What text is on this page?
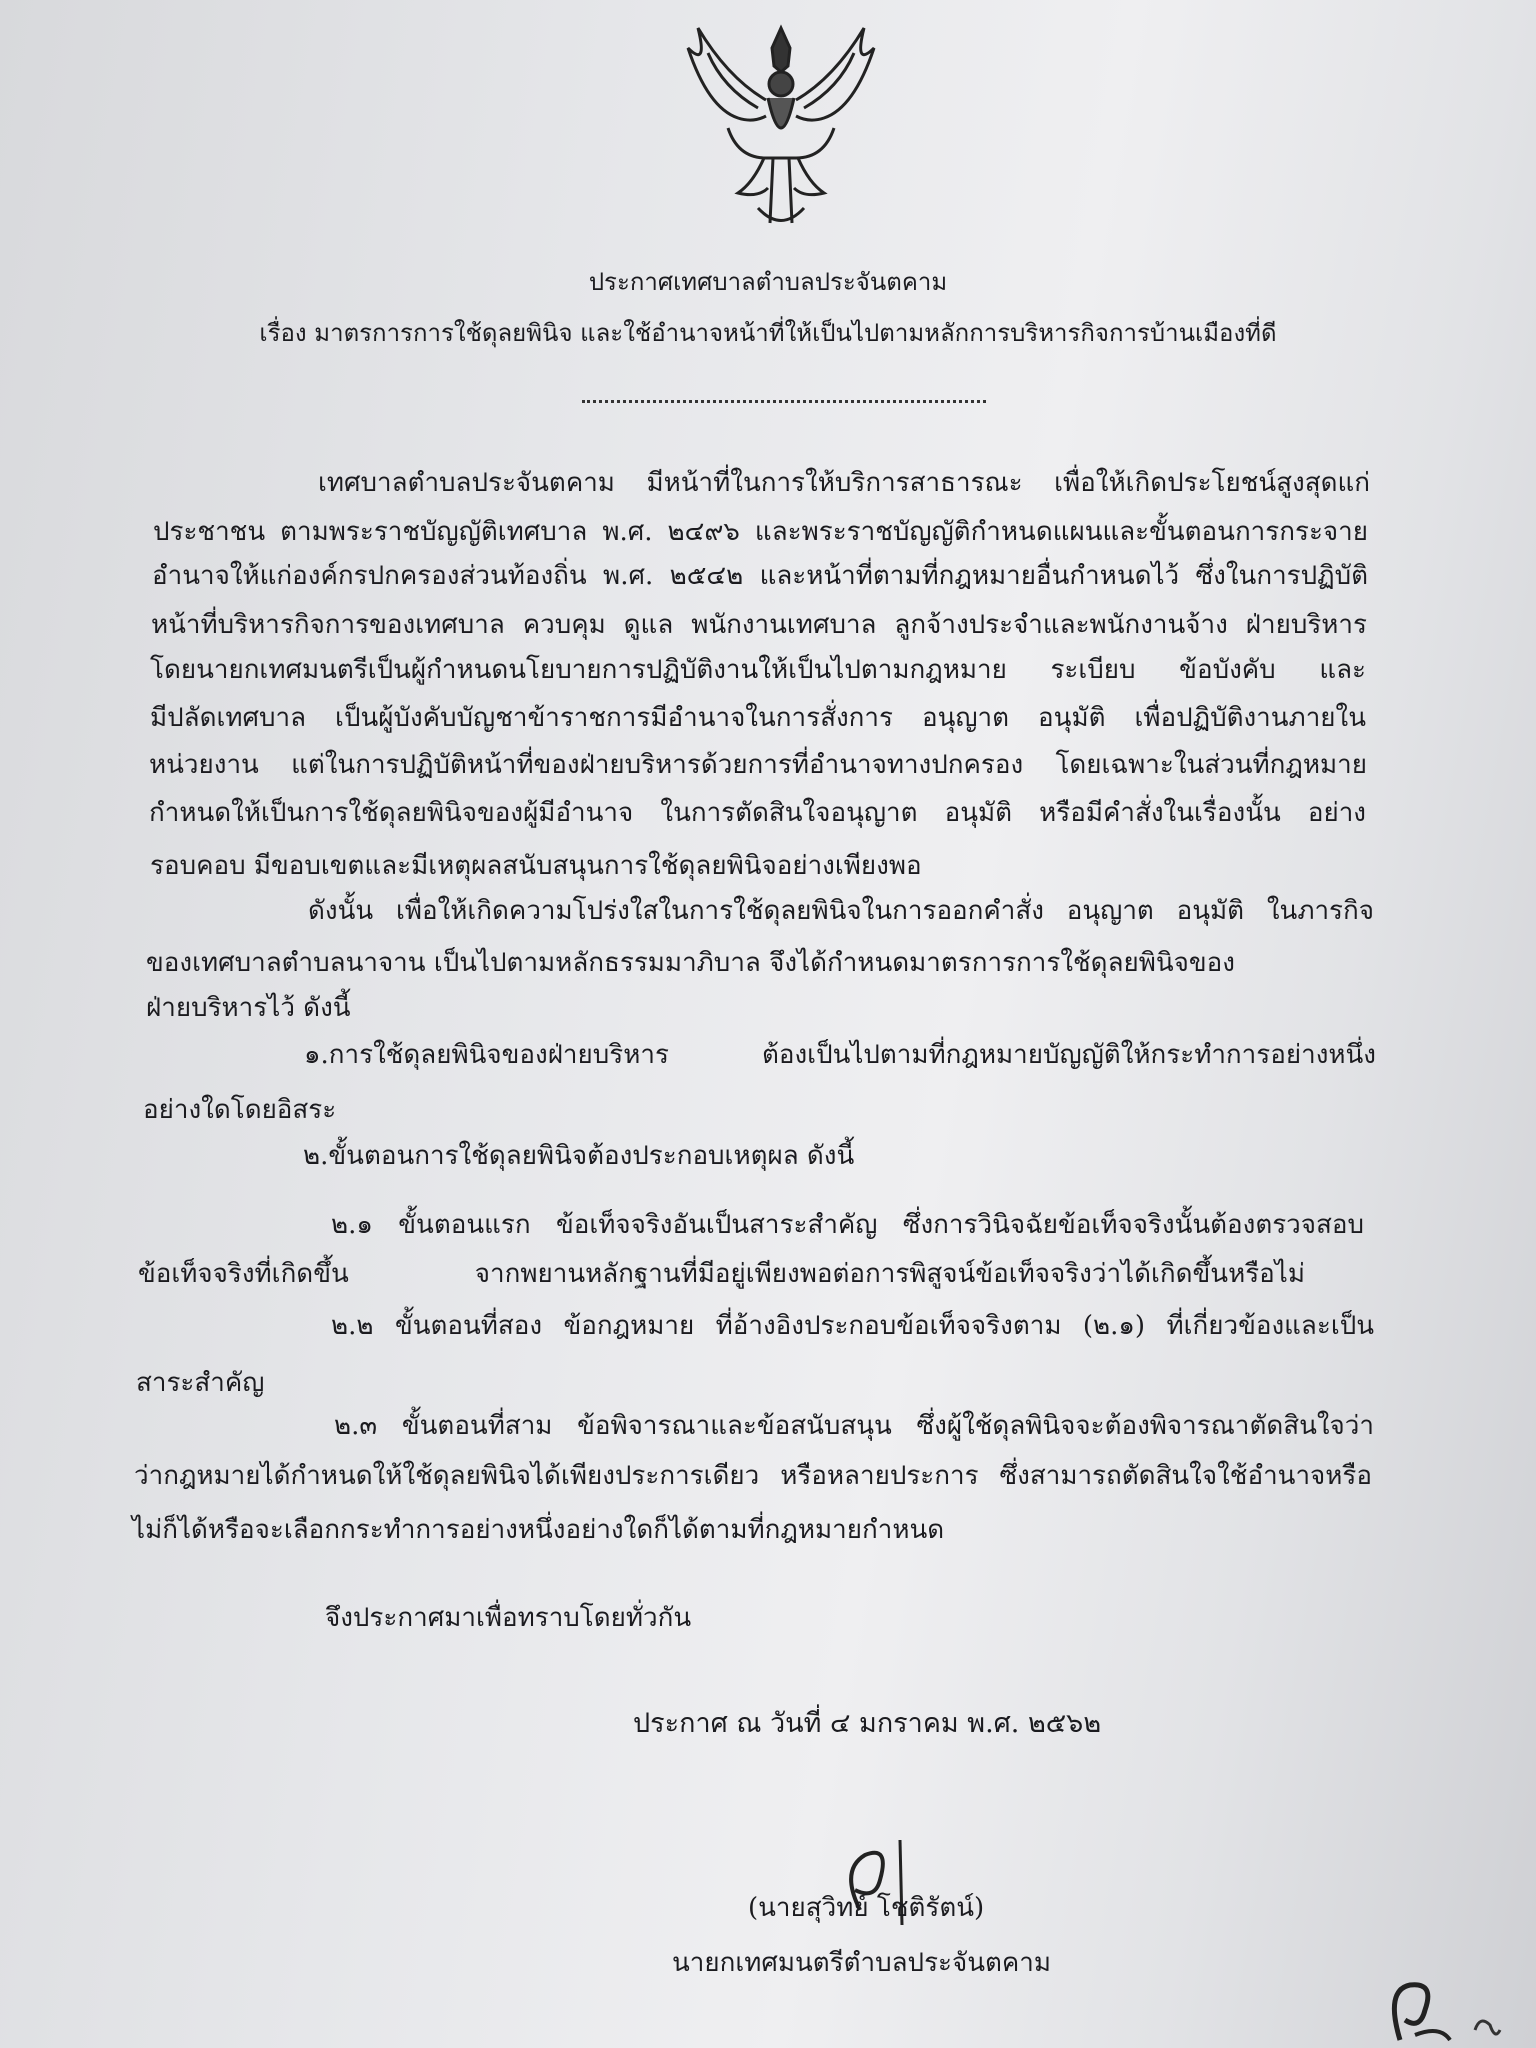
ประกาศเทศบาลตำบลประจันตคาม
เรื่อง มาตรการการใช้ดุลยพินิจ และใช้อำนาจหน้าที่ให้เป็นไปตามหลักการบริหารกิจการบ้านเมืองที่ดี
เทศบาลตำบลประจันตคาม มีหน้าที่ในการให้บริการสาธารณะ เพื่อให้เกิดประโยชน์สูงสุดแก่
ประชาชน ตามพระราชบัญญัติเทศบาล พ.ศ. ๒๔๙๖ และพระราชบัญญัติกำหนดแผนและขั้นตอนการกระจาย
อำนาจให้แก่องค์กรปกครองส่วนท้องถิ่น พ.ศ. ๒๕๔๒ และหน้าที่ตามที่กฎหมายอื่นกำหนดไว้ ซึ่งในการปฏิบัติ
หน้าที่บริหารกิจการของเทศบาล ควบคุม ดูแล พนักงานเทศบาล ลูกจ้างประจำและพนักงานจ้าง ฝ่ายบริหาร
โดยนายกเทศมนตรีเป็นผู้กำหนดนโยบายการปฏิบัติงานให้เป็นไปตามกฎหมาย ระเบียบ ข้อบังคับ และ
มีปลัดเทศบาล เป็นผู้บังคับบัญชาข้าราชการมีอำนาจในการสั่งการ อนุญาต อนุมัติ เพื่อปฏิบัติงานภายใน
หน่วยงาน แต่ในการปฏิบัติหน้าที่ของฝ่ายบริหารด้วยการที่อำนาจทางปกครอง โดยเฉพาะในส่วนที่กฎหมาย
กำหนดให้เป็นการใช้ดุลยพินิจของผู้มีอำนาจ ในการตัดสินใจอนุญาต อนุมัติ หรือมีคำสั่งในเรื่องนั้น อย่าง
รอบคอบ มีขอบเขตและมีเหตุผลสนับสนุนการใช้ดุลยพินิจอย่างเพียงพอ
ดังนั้น เพื่อให้เกิดความโปร่งใสในการใช้ดุลยพินิจในการออกคำสั่ง อนุญาต อนุมัติ ในภารกิจ
ของเทศบาลตำบลนาจาน เป็นไปตามหลักธรรมมาภิบาล จึงได้กำหนดมาตรการการใช้ดุลยพินิจของ
ฝ่ายบริหารไว้ ดังนี้
๑.การใช้ดุลยพินิจของฝ่ายบริหาร ต้องเป็นไปตามที่กฎหมายบัญญัติให้กระทำการอย่างหนึ่ง
อย่างใดโดยอิสระ
๒.ขั้นตอนการใช้ดุลยพินิจต้องประกอบเหตุผล ดังนี้
๒.๑ ขั้นตอนแรก ข้อเท็จจริงอันเป็นสาระสำคัญ ซึ่งการวินิจฉัยข้อเท็จจริงนั้นต้องตรวจสอบ
ข้อเท็จจริงที่เกิดขึ้น จากพยานหลักฐานที่มีอยู่เพียงพอต่อการพิสูจน์ข้อเท็จจริงว่าได้เกิดขึ้นหรือไม่
๒.๒ ขั้นตอนที่สอง ข้อกฎหมาย ที่อ้างอิงประกอบข้อเท็จจริงตาม (๒.๑) ที่เกี่ยวข้องและเป็น
สาระสำคัญ
๒.๓ ขั้นตอนที่สาม ข้อพิจารณาและข้อสนับสนุน ซึ่งผู้ใช้ดุลพินิจจะต้องพิจารณาตัดสินใจว่า
ว่ากฎหมายได้กำหนดให้ใช้ดุลยพินิจได้เพียงประการเดียว หรือหลายประการ ซึ่งสามารถตัดสินใจใช้อำนาจหรือ
ไม่ก็ได้หรือจะเลือกกระทำการอย่างหนึ่งอย่างใดก็ได้ตามที่กฎหมายกำหนด
จึงประกาศมาเพื่อทราบโดยทั่วกัน
ประกาศ ณ วันที่ ๔ มกราคม พ.ศ. ๒๕๖๒
(นายสุวิทย์ โชติรัตน์)
นายกเทศมนตรีตำบลประจันตคาม
